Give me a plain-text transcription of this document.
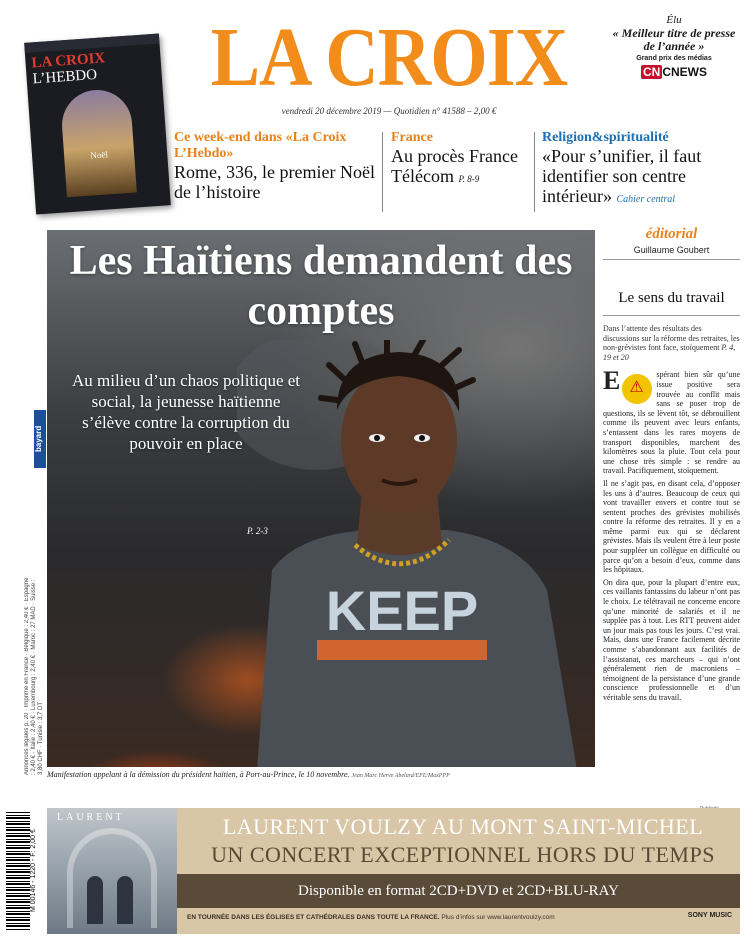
LA CROIX
L’HEBDO
Noël
LA CROIX
vendredi 20 décembre 2019 — Quotidien n° 41588 – 2,00 €
Élu
« Meilleur titre de presse de l’année »
Grand prix des médias
CN CNEWS
Ce week-end dans «La Croix L’Hebdo»
Rome, 336, le premier Noël de l’histoire
France
Au procès France Télécom P. 8-9
Religion&spiritualité
«Pour s’unifier, il faut identifier son centre intérieur» Cahier central
bayard
Annonces légales p. 20 · Imprimé en France · Belgique : 2,40 € · Espagne : 2,40 € · Italie : 2,40 € · Luxembourg : 2,40 € · Maroc : 27 MAD · Suisse : 3,80 CHF · Tunisie : 3,7 DT
KEEP
Les Haïtiens demandent des comptes
Au milieu d’un chaos politique et social, la jeunesse haïtienne s’élève contre la corruption du pouvoir en place
P. 2-3
Manifestation appelant à la démission du président haïtien, à Port-au-Prince, le 10 novembre. Jean Marc Herve Abelard/EFE/MaxPPP
éditorial
Guillaume Goubert
Le sens du travail
Dans l’attente des résultats des discussions sur la réforme des retraites, les non-grévistes font face, stoïquement P. 4, 19 et 20

E
⚠	spérant bien sûr qu’une issue positive sera trouvée au conflit mais sans se poser trop de questions, ils se lèvent tôt, se débrouillent comme ils peuvent avec leurs enfants, s’entassent dans les rares moyens de transport disponibles, marchent des kilomètres sous la pluie. Tout cela pour une chose très simple : se rendre au travail. Pacifiquement, stoïquement.

Il ne s’agit pas, en disant cela, d’opposer les uns à d’autres. Beaucoup de ceux qui vont travailler envers et contre tout se sentent proches des grévistes mobilisés contre la réforme des retraites. Il y en a même parmi eux qui se déclarent grévistes. Mais ils veulent être à leur poste pour suppléer un collègue en difficulté ou parce qu’on a besoin d’eux, comme dans les hôpitaux.

On dira que, pour la plupart d’entre eux, ces vaillants fantassins du labeur n’ont pas le choix. Le télétravail ne concerne encore qu’une minorité de salariés et il ne supplée pas à tout. Les RTT peuvent aider un jour mais pas tous les jours. C’est vrai. Mais, dans une France facilement décrite comme s’abandonnant aux facilités de l’assistanat, ces marcheurs – qui n’ont généralement rien de macroniens – témoignent de la persistance d’une grande conscience professionnelle et d’un véritable sens du travail.

LAURENT	LAURENT VOULZY AU MONT SAINT-MICHEL
UN CONCERT EXCEPTIONNEL HORS DU TEMPS
Disponible en format 2CD+DVD et 2CD+BLU-RAY
EN TOURNÉE DANS LES ÉGLISES ET CATHÉDRALES DANS TOUTE LA FRANCE. Plus d’infos sur www.laurentvoulzy.com	SONY MUSIC
M 00146 - 1220 - F: 2,00 €
